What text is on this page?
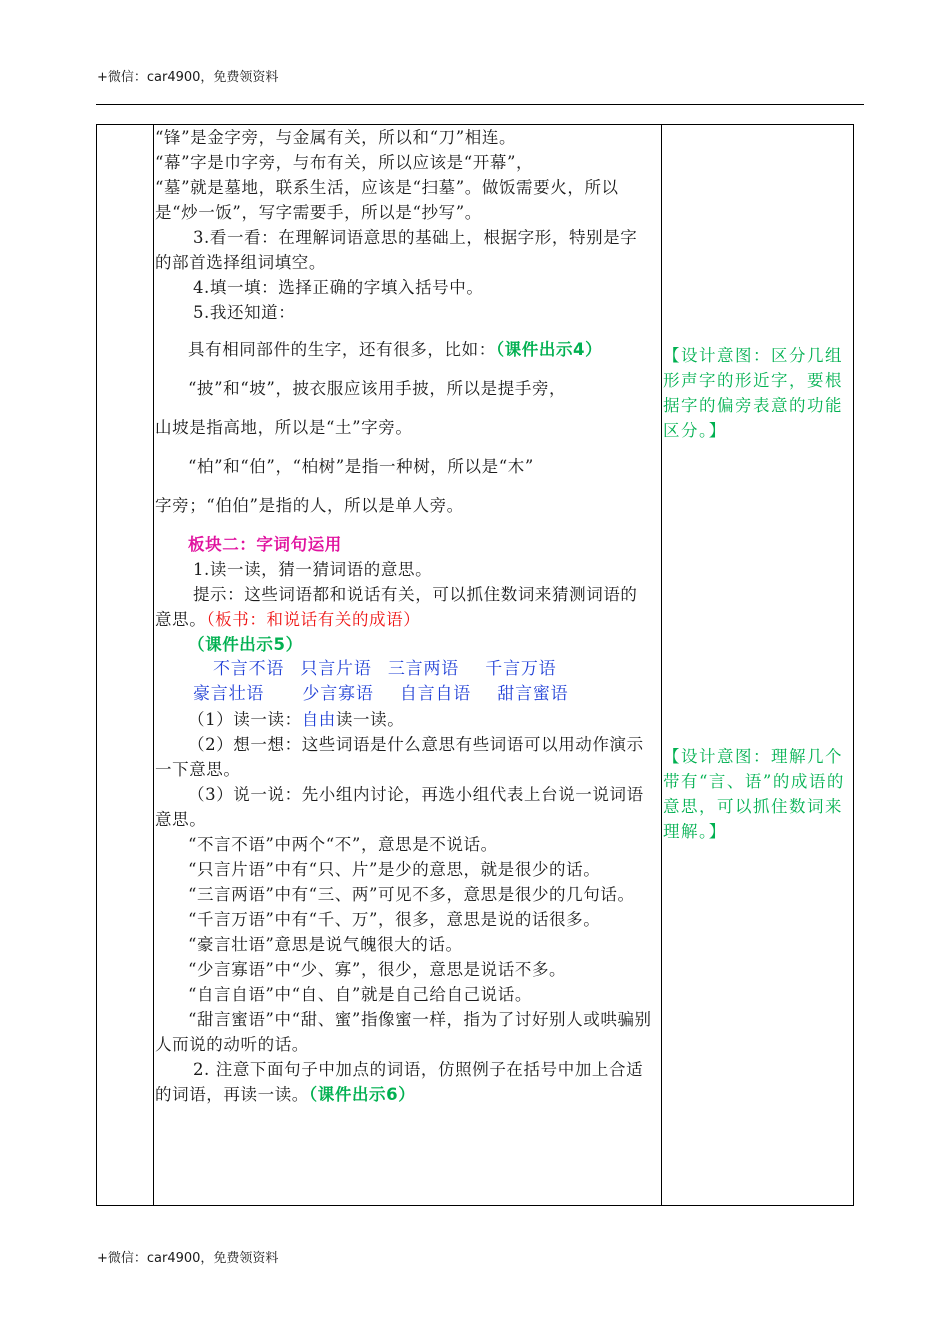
+微信：car4900，免费领资料

“锋”是金字旁，与金属有关，所以和“刀”相连。

“幕”字是巾字旁，与布有关，所以应该是“开幕”，

“墓”就是墓地，联系生活，应该是“扫墓”。做饭需要火，所以是“炒一饭”，写字需要手，所以是“抄写”。

3.看一看：在理解词语意思的基础上，根据字形，特别是字的部首选择组词填空。

4.填一填：选择正确的字填入括号中。

5.我还知道：

具有相同部件的生字，还有很多，比如：（课件出示4）

“披”和“坡”，披衣服应该用手披，所以是提手旁，

山坡是指高地，所以是“土”字旁。

“柏”和“伯”，“柏树”是指一种树，所以是“木”

字旁；“伯伯”是指的人，所以是单人旁。

板块二：字词句运用

1.读一读，猜一猜词语的意思。

提示：这些词语都和说话有关，可以抓住数词来猜测词语的意思。（板书：和说话有关的成语）

（课件出示5）

不言不语 只言片语 三言两语 千言万语

豪言壮语 少言寡语 自言自语 甜言蜜语

（1）读一读：自由读一读。

（2）想一想：这些词语是什么意思有些词语可以用动作演示一下意思。

（3）说一说：先小组内讨论，再选小组代表上台说一说词语意思。

“不言不语”中两个“不”，意思是不说话。

“只言片语”中有“只、片”是少的意思，就是很少的话。

“三言两语”中有“三、两”可见不多，意思是很少的几句话。

“千言万语”中有“千、万”，很多，意思是说的话很多。

“豪言壮语”意思是说气魄很大的话。

“少言寡语”中“少、寡”，很少，意思是说话不多。

“自言自语”中“自、自”就是自己给自己说话。

“甜言蜜语”中“甜、蜜”指像蜜一样，指为了讨好别人或哄骗别人而说的动听的话。

2. 注意下面句子中加点的词语，仿照例子在括号中加上合适的词语，再读一读。（课件出示6）

【设计意图：区分几组形声字的形近字，要根据字的偏旁表意的功能区分。】
【设计意图：理解几个带有“言、语”的成语的意思，可以抓住数词来理解。】
+微信：car4900，免费领资料
